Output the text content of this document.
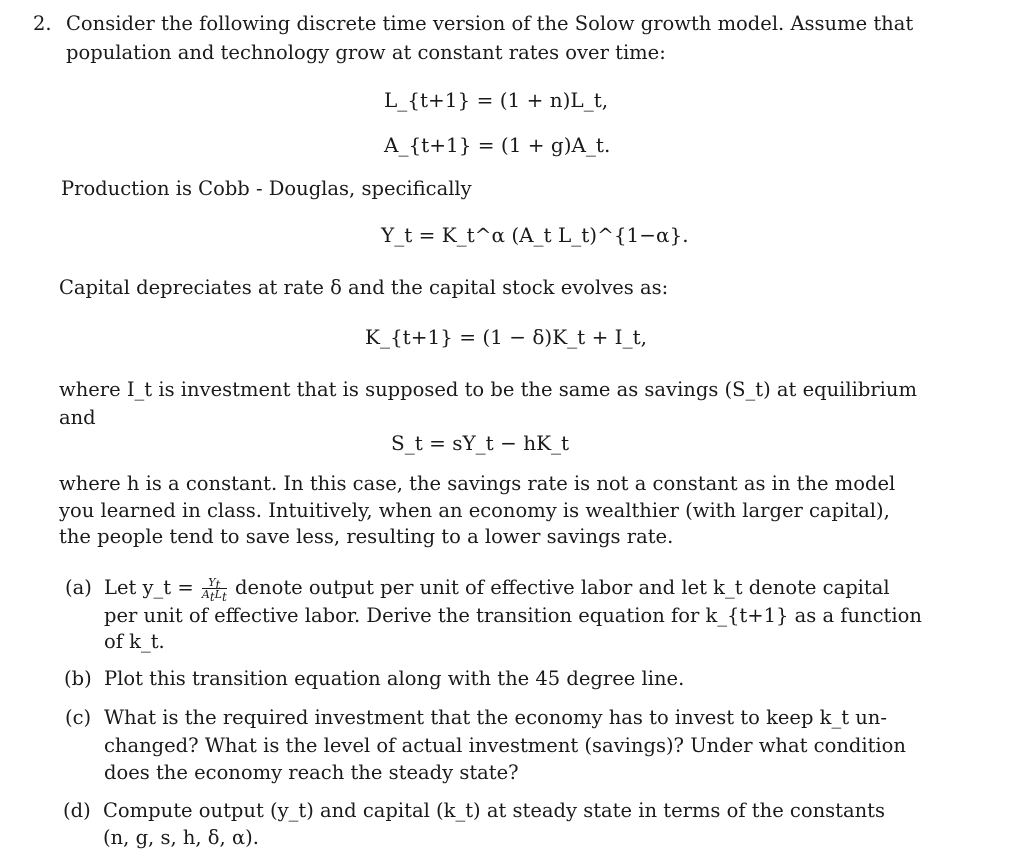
2. Consider the following discrete time version of the Solow growth model. Assume that
population and technology grow at constant rates over time:
L_{t+1} = (1 + n)L_t,
A_{t+1} = (1 + g)A_t.
Production is Cobb - Douglas, specifically
Y_t = K_t^α (A_t L_t)^{1−α}.
Capital depreciates at rate δ and the capital stock evolves as:
K_{t+1} = (1 − δ)K_t + I_t,
where I_t is investment that is supposed to be the same as savings (S_t) at equilibrium
and
S_t = sY_t − hK_t
where h is a constant. In this case, the savings rate is not a constant as in the model
you learned in class. Intuitively, when an economy is wealthier (with larger capital),
the people tend to save less, resulting to a lower savings rate.
(a) Let y_t = $\frac{Y_t}{A_tL_t}$ denote output per unit of effective labor and let k_t denote capital
per unit of effective labor. Derive the transition equation for k_{t+1} as a function
of k_t.
(b) Plot this transition equation along with the 45 degree line.
(c) What is the required investment that the economy has to invest to keep k_t un-
changed? What is the level of actual investment (savings)? Under what condition
does the economy reach the steady state?
(d) Compute output (y_t) and capital (k_t) at steady state in terms of the constants
(n, g, s, h, δ, α).
